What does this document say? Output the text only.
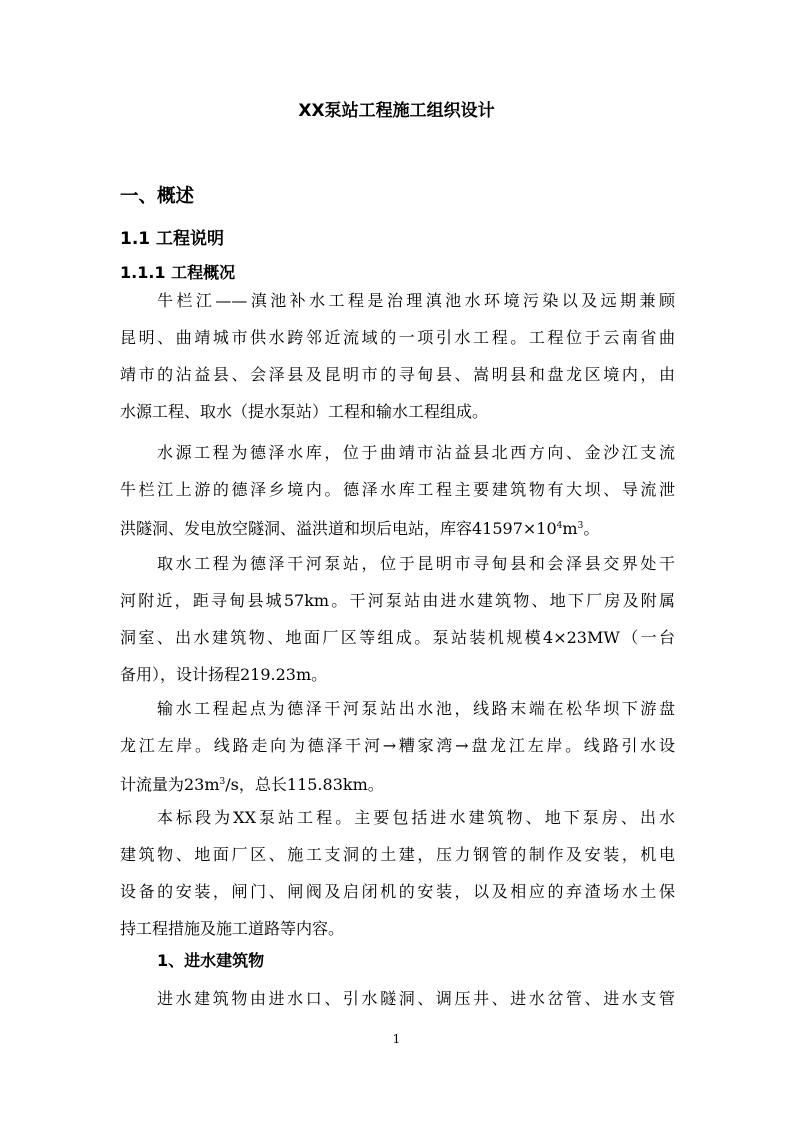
XX泵站工程施工组织设计
一、概述
1.1 工程说明
1.1.1 工程概况
牛栏江——滇池补水工程是治理滇池水环境污染以及远期兼顾
昆明、曲靖城市供水跨邻近流域的一项引水工程。工程位于云南省曲
靖市的沾益县、会泽县及昆明市的寻甸县、嵩明县和盘龙区境内，由
水源工程、取水（提水泵站）工程和输水工程组成。
水源工程为德泽水库，位于曲靖市沾益县北西方向、金沙江支流
牛栏江上游的德泽乡境内。德泽水库工程主要建筑物有大坝、导流泄
洪隧洞、发电放空隧洞、溢洪道和坝后电站，库容$41597\times 10^4m^3$。
取水工程为德泽干河泵站，位于昆明市寻甸县和会泽县交界处干
河附近，距寻甸县城57km。干河泵站由进水建筑物、地下厂房及附属
洞室、出水建筑物、地面厂区等组成。泵站装机规模4×23MW（一台
备用），设计扬程219.23m。
输水工程起点为德泽干河泵站出水池，线路末端在松华坝下游盘
龙江左岸。线路走向为德泽干河→糟家湾→盘龙江左岸。线路引水设
计流量为$23m^3/s$，总长115.83km。
本标段为XX泵站工程。主要包括进水建筑物、地下泵房、出水
建筑物、地面厂区、施工支洞的土建，压力钢管的制作及安装，机电
设备的安装，闸门、闸阀及启闭机的安装，以及相应的弃渣场水土保
持工程措施及施工道路等内容。
1、进水建筑物
进水建筑物由进水口、引水隧洞、调压井、进水岔管、进水支管
1
